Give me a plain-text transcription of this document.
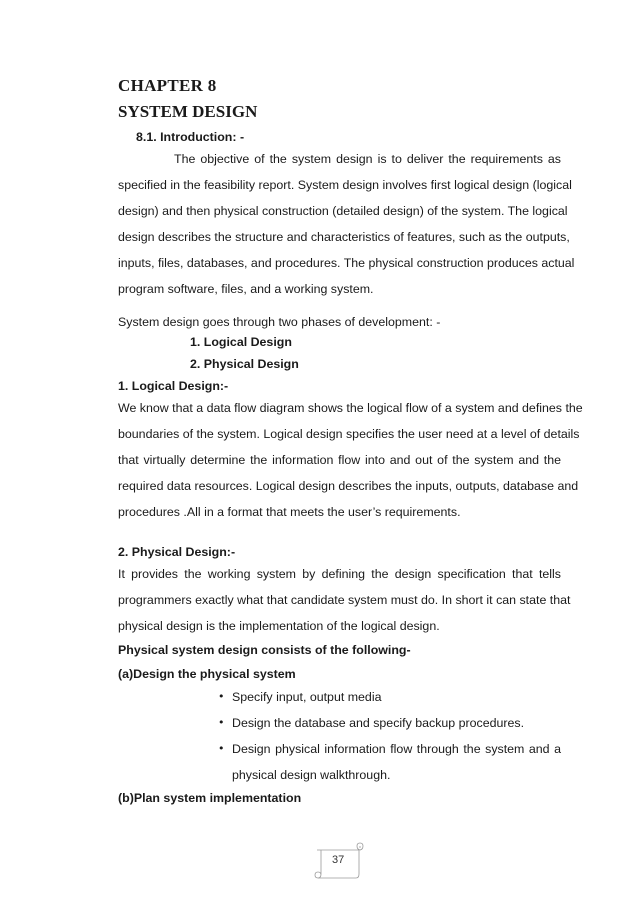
CHAPTER 8
SYSTEM DESIGN
8.1. Introduction: -
The objective of the system design is to deliver the requirements as
specified in the feasibility report. System design involves first logical design (logical
design) and then physical construction (detailed design) of the system. The logical
design describes the structure and characteristics of features, such as the outputs,
inputs, files, databases, and procedures. The physical construction produces actual
program software, files, and a working system.
System design goes through two phases of development: -
1. Logical Design
2. Physical Design
1. Logical Design:-
We know that a data flow diagram shows the logical flow of a system and defines the
boundaries of the system. Logical design specifies the user need at a level of details
that virtually determine the information flow into and out of the system and the
required data resources. Logical design describes the inputs, outputs, database and
procedures .All in a format that meets the user’s requirements.
2. Physical Design:-
It provides the working system by defining the design specification that tells
programmers exactly what that candidate system must do. In short it can state that
physical design is the implementation of the logical design.
Physical system design consists of the following-
(a)Design the physical system
• Specify input, output media
• Design the database and specify backup procedures.
• Design physical information flow through the system and a
physical design walkthrough.
(b)Plan system implementation
37
